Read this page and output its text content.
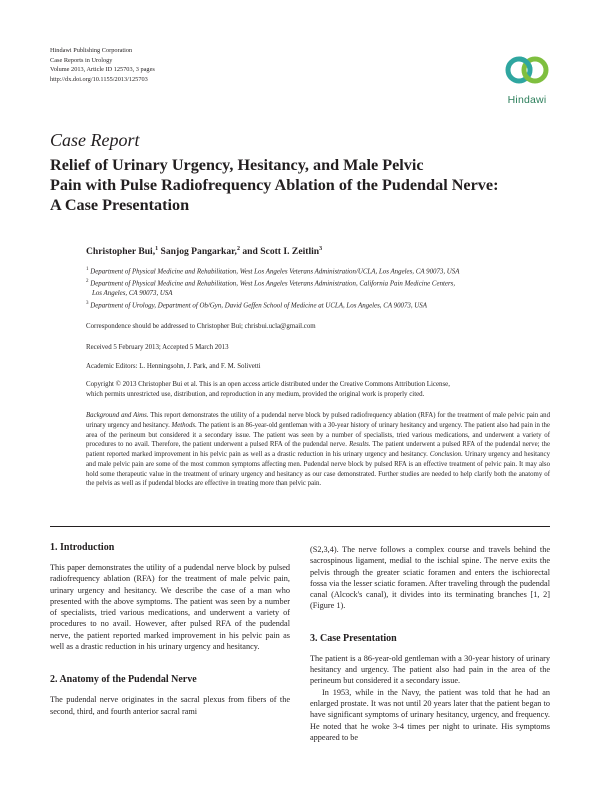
Hindawi Publishing Corporation
Case Reports in Urology
Volume 2013, Article ID 125703, 3 pages
http://dx.doi.org/10.1155/2013/125703
Hindawi
Case Report
Relief of Urinary Urgency, Hesitancy, and Male Pelvic
Pain with Pulse Radiofrequency Ablation of the Pudendal Nerve:
A Case Presentation
Christopher Bui,$^1$ Sanjog Pangarkar,$^2$ and Scott I. Zeitlin$^3$
$^1$ Department of Physical Medicine and Rehabilitation, West Los Angeles Veterans Administration/UCLA, Los Angeles, CA 90073, USA
$^2$ Department of Physical Medicine and Rehabilitation, West Los Angeles Veterans Administration, California Pain Medicine Centers,
Los Angeles, CA 90073, USA
$^3$ Department of Urology, Department of Ob/Gyn, David Geffen School of Medicine at UCLA, Los Angeles, CA 90073, USA
Correspondence should be addressed to Christopher Bui; chrisbui.ucla@gmail.com
Received 5 February 2013; Accepted 5 March 2013
Academic Editors: L. Henningsohn, J. Park, and F. M. Solivetti
Copyright © 2013 Christopher Bui et al. This is an open access article distributed under the Creative Commons Attribution License,
which permits unrestricted use, distribution, and reproduction in any medium, provided the original work is properly cited.
Background and Aims. This report demonstrates the utility of a pudendal nerve block by pulsed radiofrequency ablation (RFA) for the treatment of male pelvic pain and urinary urgency and hesitancy. Methods. The patient is an 86-year-old gentleman with a 30-year history of urinary hesitancy and urgency. The patient also had pain in the area of the perineum but considered it a secondary issue. The patient was seen by a number of specialists, tried various medications, and underwent a variety of procedures to no avail. Therefore, the patient underwent a pulsed RFA of the pudendal nerve. Results. The patient underwent a pulsed RFA of the pudendal nerve; the patient reported marked improvement in his pelvic pain as well as a drastic reduction in his urinary urgency and hesitancy. Conclusion. Urinary urgency and hesitancy and male pelvic pain are some of the most common symptoms affecting men. Pudendal nerve block by pulsed RFA is an effective treatment of pelvic pain. It may also hold some therapeutic value in the treatment of urinary urgency and hesitancy as our case demonstrated. Further studies are needed to help clarify both the anatomy of the pelvis as well as if pudendal blocks are effective in treating more than pelvic pain.
1. Introduction

This paper demonstrates the utility of a pudendal nerve block by pulsed radiofrequency ablation (RFA) for the treatment of male pelvic pain, urinary urgency and hesitancy. We describe the case of a man who presented with the above symptoms. The patient was seen by a number of specialists, tried various medications, and underwent a variety of procedures to no avail. However, after pulsed RFA of the pudendal nerve, the patient reported marked improvement in his pelvic pain as well as a drastic reduction in his urinary urgency and hesitancy.

2. Anatomy of the Pudendal Nerve

The pudendal nerve originates in the sacral plexus from fibers of the second, third, and fourth anterior sacral rami

(S2,3,4). The nerve follows a complex course and travels behind the sacrospinous ligament, medial to the ischial spine. The nerve exits the pelvis through the greater sciatic foramen and enters the ischiorectal fossa via the lesser sciatic foramen. After traveling through the pudendal canal (Alcock's canal), it divides into its terminating branches [1, 2] (Figure 1).

3. Case Presentation

The patient is a 86-year-old gentleman with a 30-year history of urinary hesitancy and urgency. The patient also had pain in the area of the perineum but considered it a secondary issue.

In 1953, while in the Navy, the patient was told that he had an enlarged prostate. It was not until 20 years later that the patient began to have significant symptoms of urinary hesitancy, urgency, and frequency. He noted that he woke 3-4 times per night to urinate. His symptoms appeared to be
